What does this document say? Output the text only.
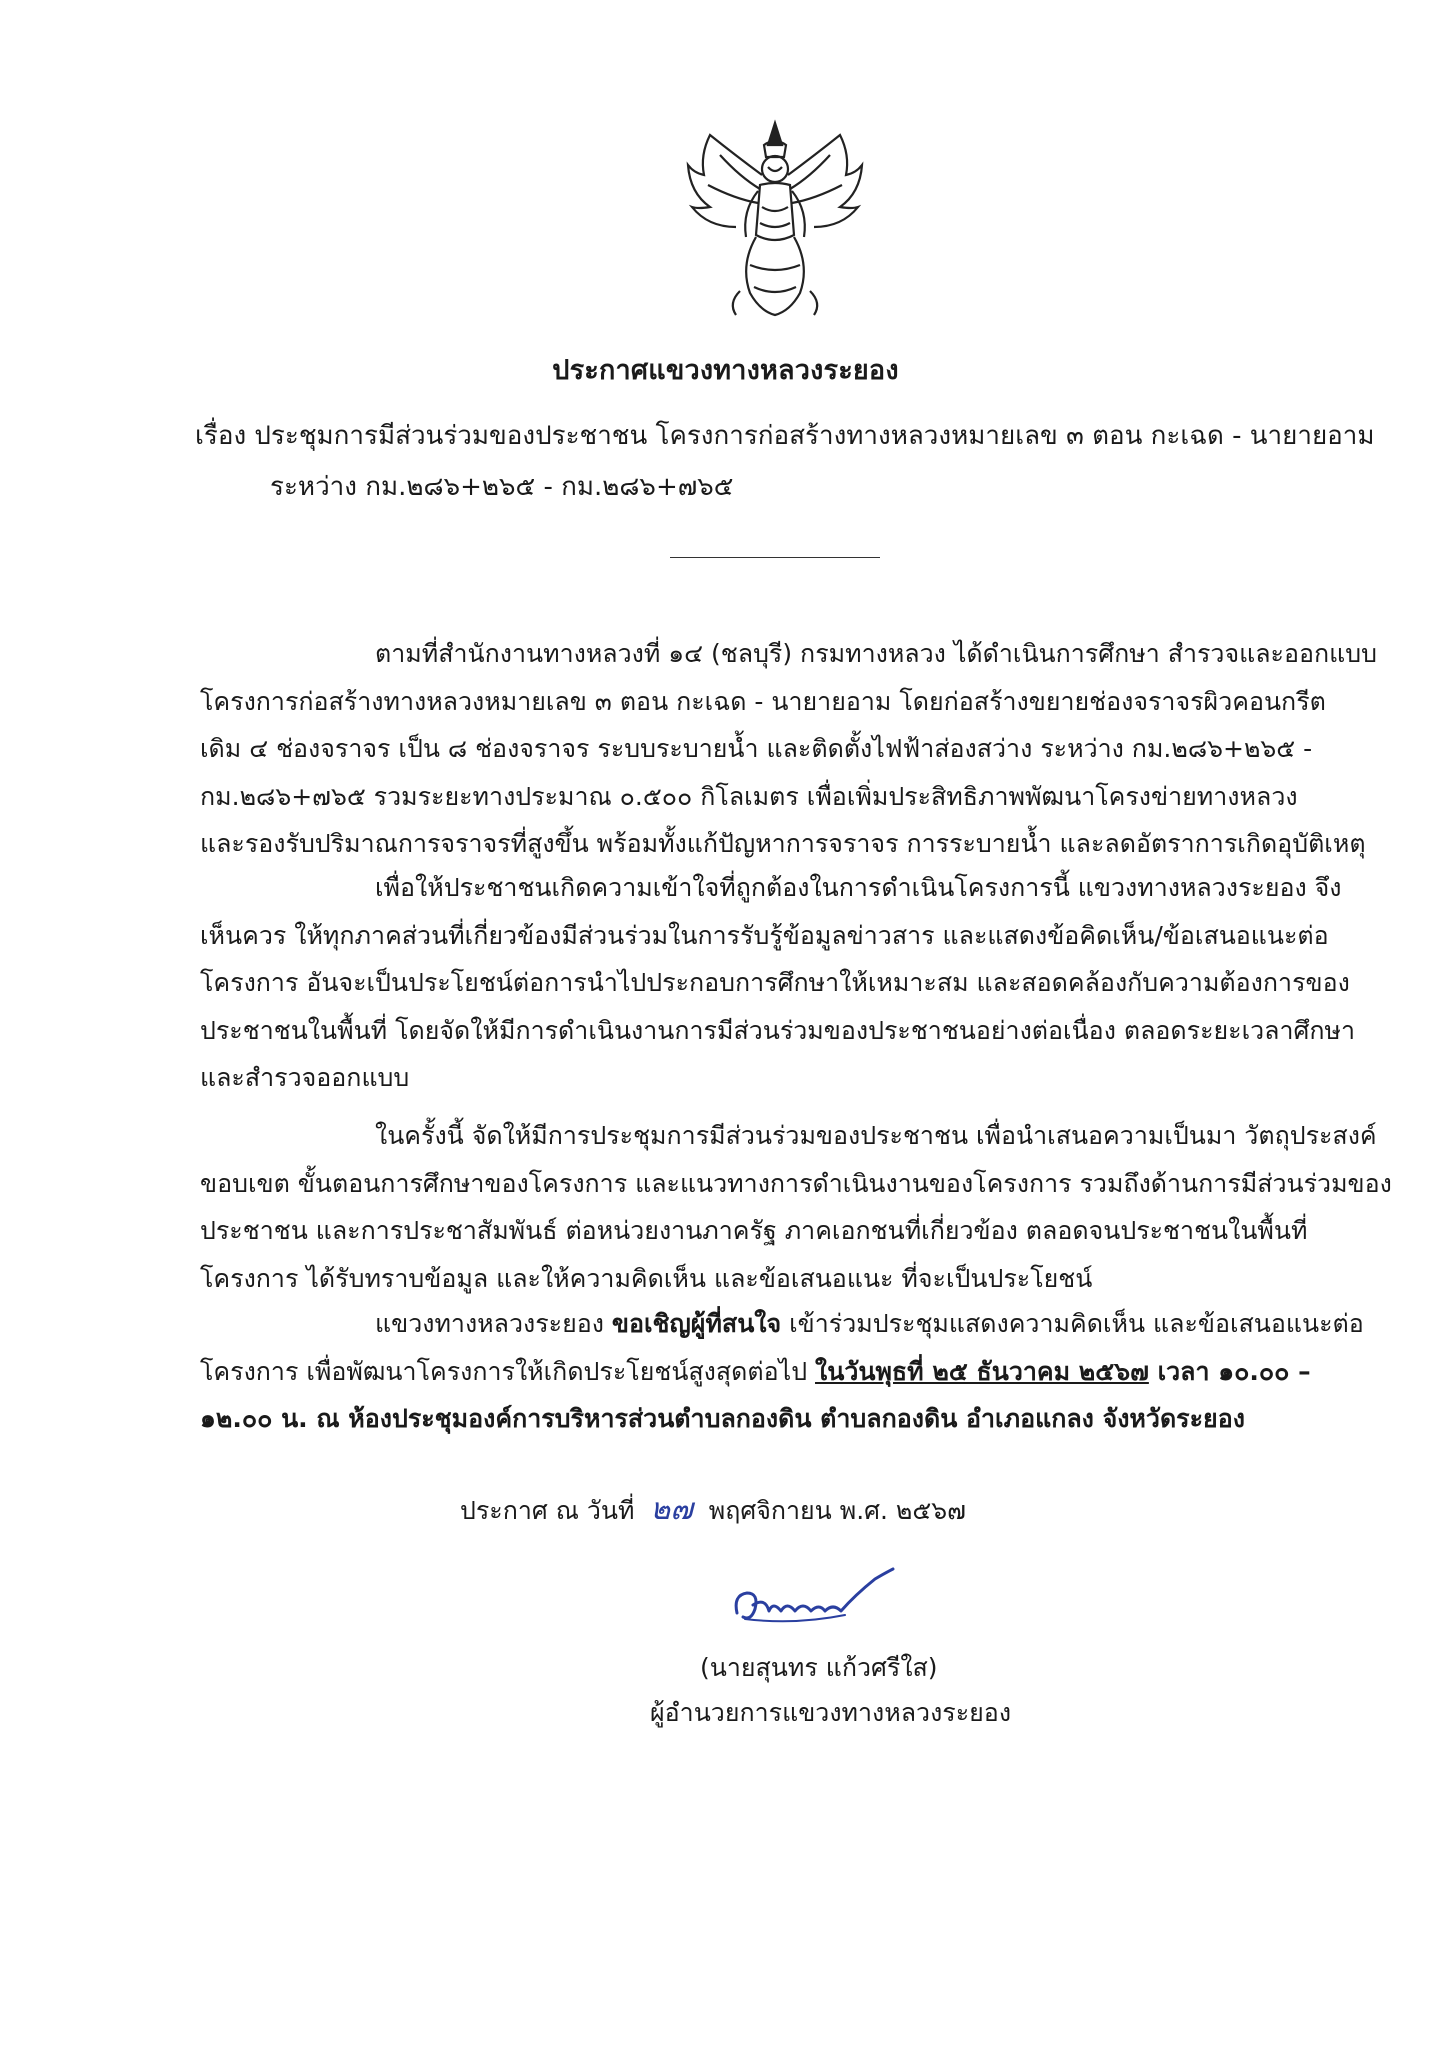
ประกาศแขวงทางหลวงระยอง
เรื่อง ประชุมการมีส่วนร่วมของประชาชน โครงการก่อสร้างทางหลวงหมายเลข ๓ ตอน กะเฉด - นายายอาม
ระหว่าง กม.๒๘๖+๒๖๕ - กม.๒๘๖+๗๖๕

ตามที่สำนักงานทางหลวงที่ ๑๔ (ชลบุรี) กรมทางหลวง ได้ดำเนินการศึกษา สำรวจและออกแบบ
โครงการก่อสร้างทางหลวงหมายเลข ๓ ตอน กะเฉด - นายายอาม โดยก่อสร้างขยายช่องจราจรผิวคอนกรีต
เดิม ๔ ช่องจราจร เป็น ๘ ช่องจราจร ระบบระบายน้ำ และติดตั้งไฟฟ้าส่องสว่าง ระหว่าง กม.๒๘๖+๒๖๕ -
กม.๒๘๖+๗๖๕ รวมระยะทางประมาณ ๐.๕๐๐ กิโลเมตร เพื่อเพิ่มประสิทธิภาพพัฒนาโครงข่ายทางหลวง
และรองรับปริมาณการจราจรที่สูงขึ้น พร้อมทั้งแก้ปัญหาการจราจร การระบายน้ำ และลดอัตราการเกิดอุบัติเหตุ

เพื่อให้ประชาชนเกิดความเข้าใจที่ถูกต้องในการดำเนินโครงการนี้ แขวงทางหลวงระยอง จึง
เห็นควร ให้ทุกภาคส่วนที่เกี่ยวข้องมีส่วนร่วมในการรับรู้ข้อมูลข่าวสาร และแสดงข้อคิดเห็น/ข้อเสนอแนะต่อ
โครงการ อันจะเป็นประโยชน์ต่อการนำไปประกอบการศึกษาให้เหมาะสม และสอดคล้องกับความต้องการของ
ประชาชนในพื้นที่ โดยจัดให้มีการดำเนินงานการมีส่วนร่วมของประชาชนอย่างต่อเนื่อง ตลอดระยะเวลาศึกษา
และสำรวจออกแบบ

ในครั้งนี้ จัดให้มีการประชุมการมีส่วนร่วมของประชาชน เพื่อนำเสนอความเป็นมา วัตถุประสงค์
ขอบเขต ขั้นตอนการศึกษาของโครงการ และแนวทางการดำเนินงานของโครงการ รวมถึงด้านการมีส่วนร่วมของ
ประชาชน และการประชาสัมพันธ์ ต่อหน่วยงานภาครัฐ ภาคเอกชนที่เกี่ยวข้อง ตลอดจนประชาชนในพื้นที่
โครงการ ได้รับทราบข้อมูล และให้ความคิดเห็น และข้อเสนอแนะ ที่จะเป็นประโยชน์

แขวงทางหลวงระยอง ขอเชิญผู้ที่สนใจ เข้าร่วมประชุมแสดงความคิดเห็น และข้อเสนอแนะต่อ
โครงการ เพื่อพัฒนาโครงการให้เกิดประโยชน์สูงสุดต่อไป ในวันพุธที่ ๒๕ ธันวาคม ๒๕๖๗ เวลา ๑๐.๐๐ –
๑๒.๐๐ น. ณ ห้องประชุมองค์การบริหารส่วนตำบลกองดิน ตำบลกองดิน อำเภอแกลง จังหวัดระยอง

ประกาศ ณ วันที่ ๒๗ พฤศจิกายน พ.ศ. ๒๕๖๗
(นายสุนทร แก้วศรีใส)
ผู้อำนวยการแขวงทางหลวงระยอง
